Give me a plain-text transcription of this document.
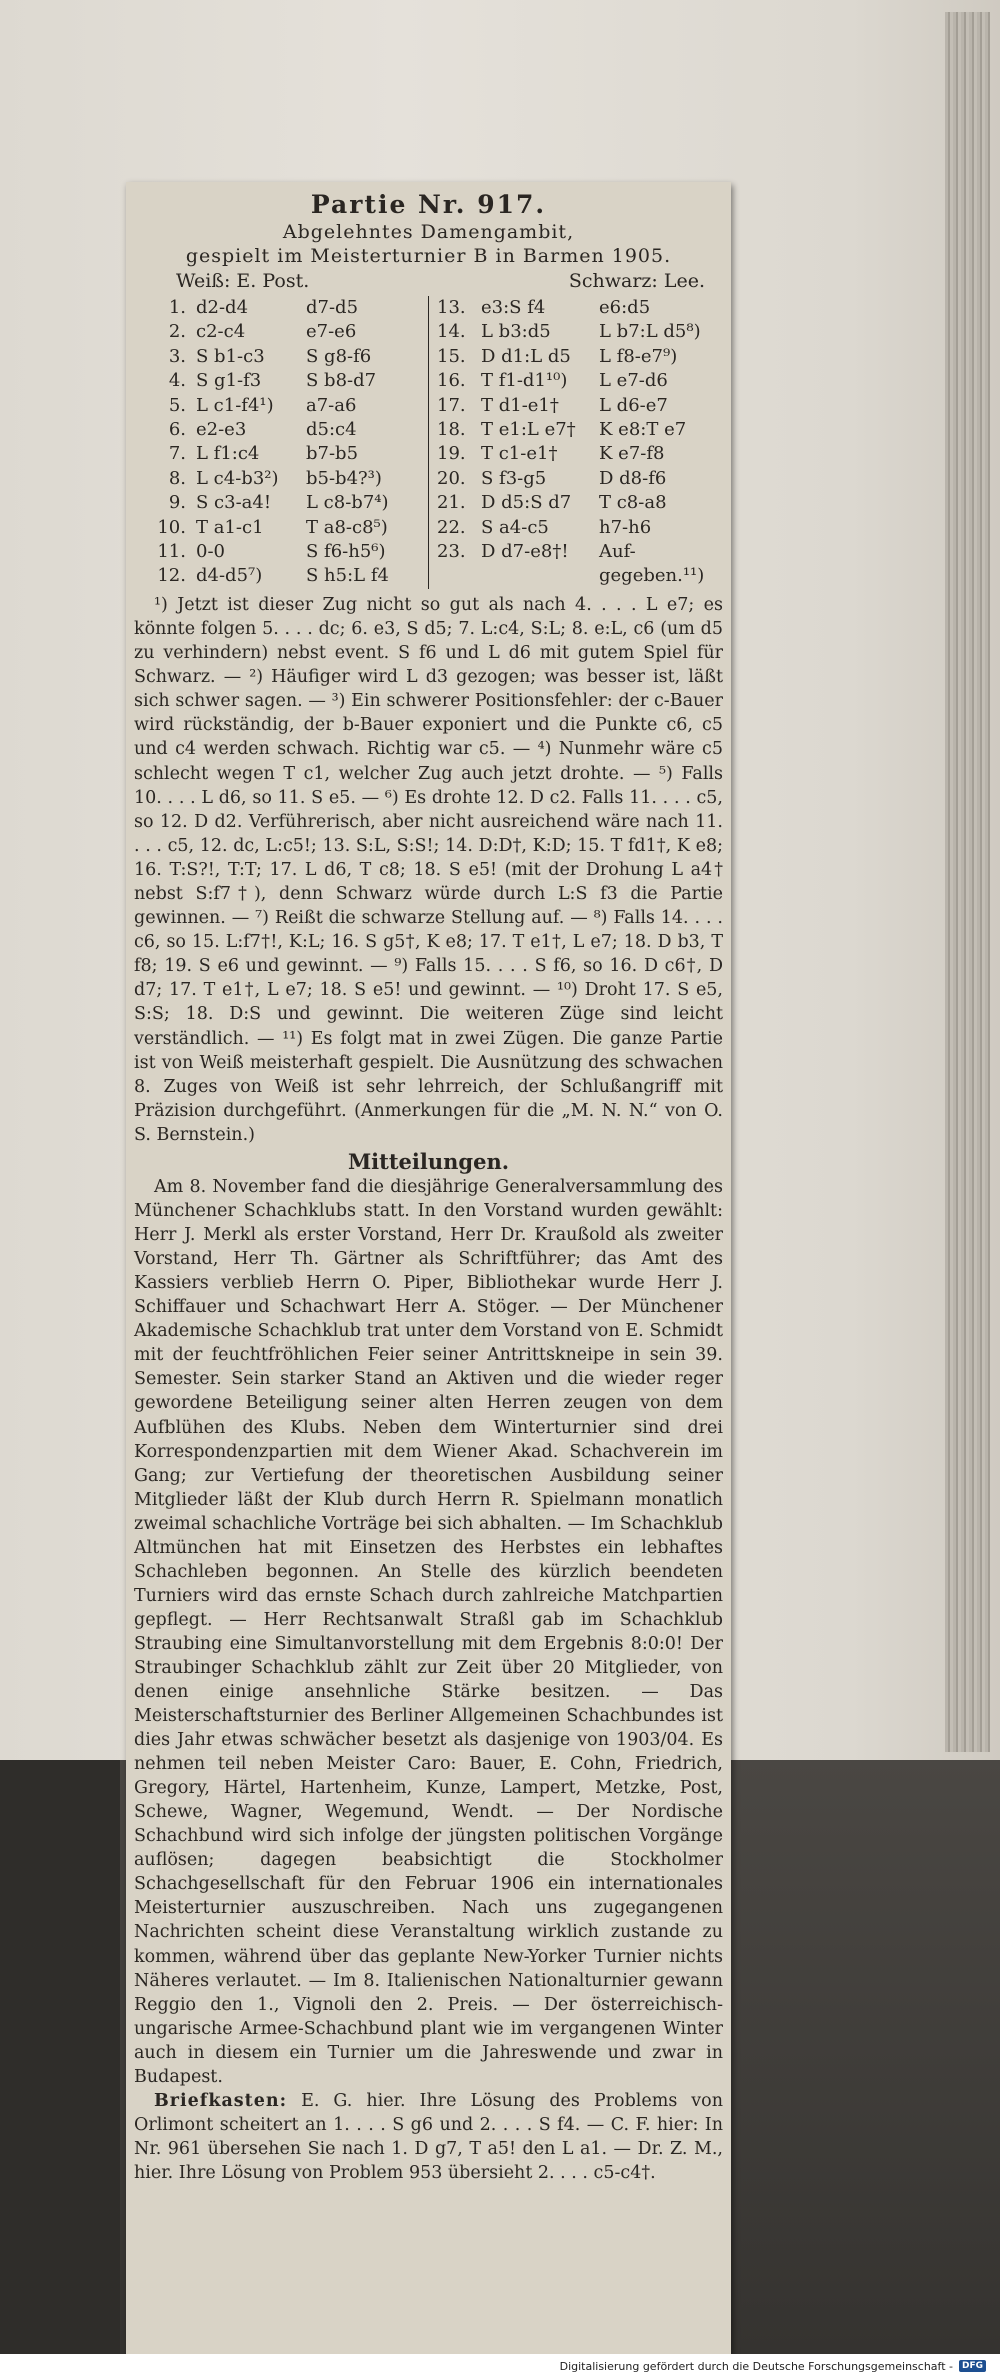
Partie Nr. 917.
Abgelehntes Damengambit,
gespielt im Meisterturnier B in Barmen 1905.
Weiß: E. Post.	Schwarz: Lee.
1. d2-d4	d7-d5
2. c2-c4	e7-e6
3. S b1-c3	S g8-f6
4. S g1-f3	S b8-d7
5. L c1-f4¹)	a7-a6
6. e2-e3	d5:c4
7. L f1:c4	b7-b5
8. L c4-b3²)	b5-b4?³)
9. S c3-a4!	L c8-b7⁴)
10. T a1-c1	T a8-c8⁵)
11. 0-0	S f6-h5⁶)
12. d4-d5⁷)	S h5:L f4
13. e3:S f4	e6:d5
14. L b3:d5	L b7:L d5⁸)
15. D d1:L d5	L f8-e7⁹)
16. T f1-d1¹⁰)	L e7-d6
17. T d1-e1†	L d6-e7
18. T e1:L e7†	K e8:T e7
19. T c1-e1†	K e7-f8
20. S f3-g5	D d8-f6
21. D d5:S d7	T c8-a8
22. S a4-c5	h7-h6
23. D d7-e8†!	Auf-
gegeben.¹¹)
¹) Jetzt ist dieser Zug nicht so gut als nach 4. . . . L e7; es könnte folgen 5. . . . dc; 6. e3, S d5; 7. L:c4, S:L; 8. e:L, c6 (um d5 zu verhindern) nebst event. S f6 und L d6 mit gutem Spiel für Schwarz. — ²) Häufiger wird L d3 gezogen; was besser ist, läßt sich schwer sagen. — ³) Ein schwerer Positionsfehler: der c-Bauer wird rückständig, der b-Bauer exponiert und die Punkte c6, c5 und c4 werden schwach. Richtig war c5. — ⁴) Nunmehr wäre c5 schlecht wegen T c1, welcher Zug auch jetzt drohte. — ⁵) Falls 10. . . . L d6, so 11. S e5. — ⁶) Es drohte 12. D c2. Falls 11. . . . c5, so 12. D d2. Verführerisch, aber nicht ausreichend wäre nach 11. . . . c5, 12. dc, L:c5!; 13. S:L, S:S!; 14. D:D†, K:D; 15. T fd1†, K e8; 16. T:S?!, T:T; 17. L d6, T c8; 18. S e5! (mit der Drohung L a4† nebst S:f7†), denn Schwarz würde durch L:S f3 die Partie gewinnen. — ⁷) Reißt die schwarze Stellung auf. — ⁸) Falls 14. . . . c6, so 15. L:f7†!, K:L; 16. S g5†, K e8; 17. T e1†, L e7; 18. D b3, T f8; 19. S e6 und gewinnt. — ⁹) Falls 15. . . . S f6, so 16. D c6†, D d7; 17. T e1†, L e7; 18. S e5! und gewinnt. — ¹⁰) Droht 17. S e5, S:S; 18. D:S und gewinnt. Die weiteren Züge sind leicht verständlich. — ¹¹) Es folgt mat in zwei Zügen. Die ganze Partie ist von Weiß meisterhaft gespielt. Die Ausnützung des schwachen 8. Zuges von Weiß ist sehr lehrreich, der Schlußangriff mit Präzision durchgeführt. (Anmerkungen für die „M. N. N.“ von O. S. Bernstein.)
Mitteilungen.
Am 8. November fand die diesjährige Generalversammlung des Münchener Schachklubs statt. In den Vorstand wurden gewählt: Herr J. Merkl als erster Vorstand, Herr Dr. Kraußold als zweiter Vorstand, Herr Th. Gärtner als Schriftführer; das Amt des Kassiers verblieb Herrn O. Piper, Bibliothekar wurde Herr J. Schiffauer und Schachwart Herr A. Stöger. — Der Münchener Akademische Schachklub trat unter dem Vorstand von E. Schmidt mit der feuchtfröhlichen Feier seiner Antrittskneipe in sein 39. Semester. Sein starker Stand an Aktiven und die wieder reger gewordene Beteiligung seiner alten Herren zeugen von dem Aufblühen des Klubs. Neben dem Winterturnier sind drei Korrespondenzpartien mit dem Wiener Akad. Schachverein im Gang; zur Vertiefung der theoretischen Ausbildung seiner Mitglieder läßt der Klub durch Herrn R. Spielmann monatlich zweimal schachliche Vorträge bei sich abhalten. — Im Schachklub Altmünchen hat mit Einsetzen des Herbstes ein lebhaftes Schachleben begonnen. An Stelle des kürzlich beendeten Turniers wird das ernste Schach durch zahlreiche Matchpartien gepflegt. — Herr Rechtsanwalt Straßl gab im Schachklub Straubing eine Simultanvorstellung mit dem Ergebnis 8:0:0! Der Straubinger Schachklub zählt zur Zeit über 20 Mitglieder, von denen einige ansehnliche Stärke besitzen. — Das Meisterschaftsturnier des Berliner Allgemeinen Schachbundes ist dies Jahr etwas schwächer besetzt als dasjenige von 1903/04. Es nehmen teil neben Meister Caro: Bauer, E. Cohn, Friedrich, Gregory, Härtel, Hartenheim, Kunze, Lampert, Metzke, Post, Schewe, Wagner, Wegemund, Wendt. — Der Nordische Schachbund wird sich infolge der jüngsten politischen Vorgänge auflösen; dagegen beabsichtigt die Stockholmer Schachgesellschaft für den Februar 1906 ein internationales Meisterturnier auszuschreiben. Nach uns zugegangenen Nachrichten scheint diese Veranstaltung wirklich zustande zu kommen, während über das geplante New-Yorker Turnier nichts Näheres verlautet. — Im 8. Italienischen Nationalturnier gewann Reggio den 1., Vignoli den 2. Preis. — Der österreichisch-ungarische Armee-Schachbund plant wie im vergangenen Winter auch in diesem ein Turnier um die Jahreswende und zwar in Budapest.
Briefkasten: E. G. hier. Ihre Lösung des Problems von Orlimont scheitert an 1. . . . S g6 und 2. . . . S f4. — C. F. hier: In Nr. 961 übersehen Sie nach 1. D g7, T a5! den L a1. — Dr. Z. M., hier. Ihre Lösung von Problem 953 übersieht 2. . . . c5-c4†.
Digitalisierung gefördert durch die Deutsche Forschungsgemeinschaft -	DFG
